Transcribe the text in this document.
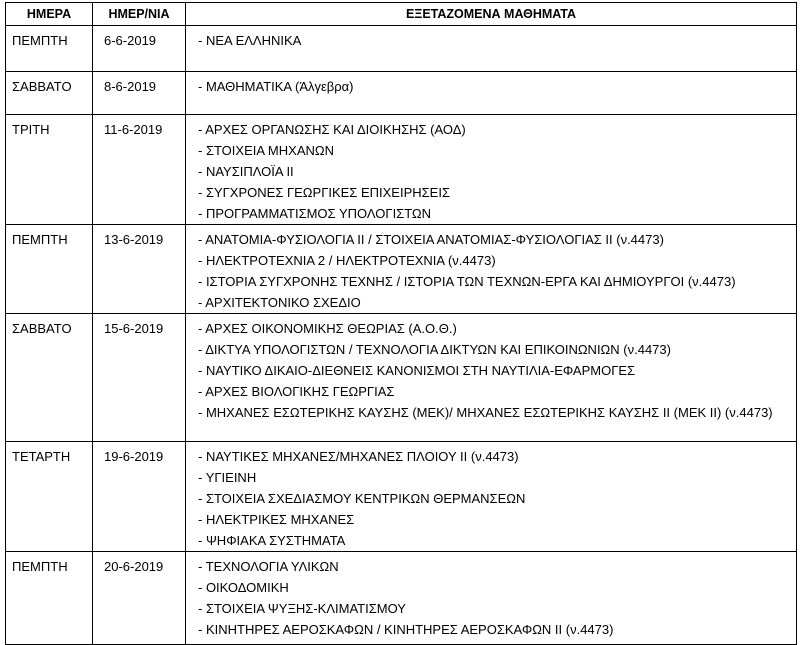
ΗΜΕΡΑ	ΗΜΕΡ/ΝΙΑ	ΕΞΕΤΑΖΟΜΕΝΑ ΜΑΘΗΜΑΤΑ

ΠΕΜΠΤΗ	6-6-2019	- ΝΕΑ ΕΛΛΗΝΙΚΑ

ΣΑΒΒΑΤΟ	8-6-2019	- ΜΑΘΗΜΑΤΙΚΑ (Άλγεβρα)

ΤΡΙΤΗ	11-6-2019	- ΑΡΧΕΣ ΟΡΓΑΝΩΣΗΣ ΚΑΙ ΔΙΟΙΚΗΣΗΣ (ΑΟΔ)
- ΣΤΟΙΧΕΙΑ ΜΗΧΑΝΩΝ
- ΝΑΥΣΙΠΛΟΪΑ ΙΙ
- ΣΥΓΧΡΟΝΕΣ ΓΕΩΡΓΙΚΕΣ ΕΠΙΧΕΙΡΗΣΕΙΣ
- ΠΡΟΓΡΑΜΜΑΤΙΣΜΟΣ ΥΠΟΛΟΓΙΣΤΩΝ

ΠΕΜΠΤΗ	13-6-2019	- ΑΝΑΤΟΜΙΑ-ΦΥΣΙΟΛΟΓΙΑ ΙΙ / ΣΤΟΙΧΕΙΑ ΑΝΑΤΟΜΙΑΣ-ΦΥΣΙΟΛΟΓΙΑΣ ΙΙ (ν.4473)
- ΗΛΕΚΤΡΟΤΕΧΝΙΑ 2 / ΗΛΕΚΤΡΟΤΕΧΝΙΑ (ν.4473)
- ΙΣΤΟΡΙΑ ΣΥΓΧΡΟΝΗΣ ΤΕΧΝΗΣ / ΙΣΤΟΡΙΑ ΤΩΝ ΤΕΧΝΩΝ-ΕΡΓΑ ΚΑΙ ΔΗΜΙΟΥΡΓΟΙ (ν.4473)
- ΑΡΧΙΤΕΚΤΟΝΙΚΟ ΣΧΕΔΙΟ

ΣΑΒΒΑΤΟ	15-6-2019	- ΑΡΧΕΣ ΟΙΚΟΝΟΜΙΚΗΣ ΘΕΩΡΙΑΣ (Α.Ο.Θ.)
- ΔΙΚΤΥΑ ΥΠΟΛΟΓΙΣΤΩΝ / ΤΕΧΝΟΛΟΓΙΑ ΔΙΚΤΥΩΝ ΚΑΙ ΕΠΙΚΟΙΝΩΝΙΩΝ (ν.4473)
- ΝΑΥΤΙΚΟ ΔΙΚΑΙΟ-ΔΙΕΘΝΕΙΣ ΚΑΝΟΝΙΣΜΟΙ ΣΤΗ ΝΑΥΤΙΛΙΑ-ΕΦΑΡΜΟΓΕΣ
- ΑΡΧΕΣ ΒΙΟΛΟΓΙΚΗΣ ΓΕΩΡΓΙΑΣ
- ΜΗΧΑΝΕΣ ΕΣΩΤΕΡΙΚΗΣ ΚΑΥΣΗΣ (ΜΕΚ)/ ΜΗΧΑΝΕΣ ΕΣΩΤΕΡΙΚΗΣ ΚΑΥΣΗΣ ΙΙ (ΜΕΚ ΙΙ) (ν.4473)

ΤΕΤΑΡΤΗ	19-6-2019	- ΝΑΥΤΙΚΕΣ ΜΗΧΑΝΕΣ/ΜΗΧΑΝΕΣ ΠΛΟΙΟΥ ΙΙ (ν.4473)
- ΥΓΙΕΙΝΗ
- ΣΤΟΙΧΕΙΑ ΣΧΕΔΙΑΣΜΟΥ ΚΕΝΤΡΙΚΩΝ ΘΕΡΜΑΝΣΕΩΝ
- ΗΛΕΚΤΡΙΚΕΣ ΜΗΧΑΝΕΣ
- ΨΗΦΙΑΚΑ ΣΥΣΤΗΜΑΤΑ

ΠΕΜΠΤΗ	20-6-2019	- ΤΕΧΝΟΛΟΓΙΑ ΥΛΙΚΩΝ
- ΟΙΚΟΔΟΜΙΚΗ
- ΣΤΟΙΧΕΙΑ ΨΥΞΗΣ-ΚΛΙΜΑΤΙΣΜΟΥ
- ΚΙΝΗΤΗΡΕΣ ΑΕΡΟΣΚΑΦΩΝ / ΚΙΝΗΤΗΡΕΣ ΑΕΡΟΣΚΑΦΩΝ ΙΙ (ν.4473)
